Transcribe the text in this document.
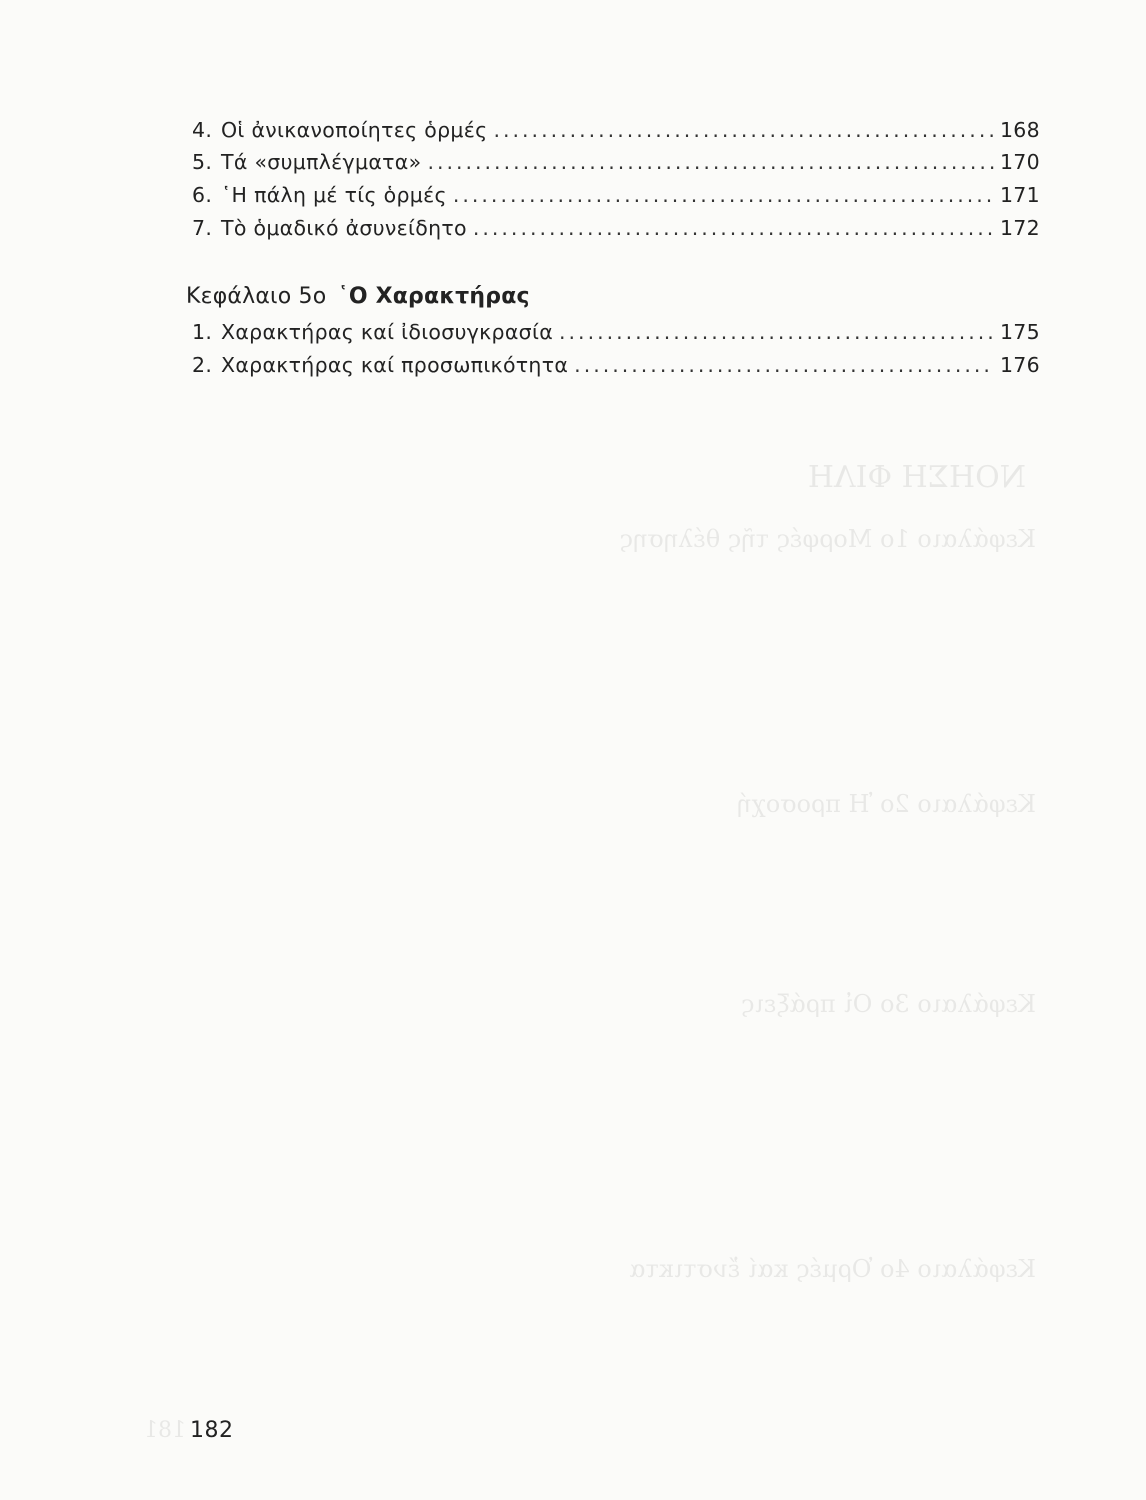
ΝΟΗΣΗ ΦΙΛΗ
Κεφάλαιο 1ο Μορφές τῆς θέλησης
Κεφάλαιο 2ο Ἡ προσοχή
Κεφάλαιο 3ο Οἱ πράξεις
Κεφάλαιο 4ο Ὁρμές καί ἔνστικτα
181
4. Οἱ ἀνικανοποίητες ὁρμές .....	168
5. Τά «συμπλέγματα» .....	170
6. ῾Η πάλη μέ τίς ὁρμές .....	171
7. Τὸ ὁμαδικό ἀσυνείδητο .....	172
Κεφάλαιο 5ο ῾Ο Χαρακτήρας
1. Χαρακτήρας καί ἰδιοσυγκρασία .....	175
2. Χαρακτήρας καί προσωπικότητα .....	176
182
